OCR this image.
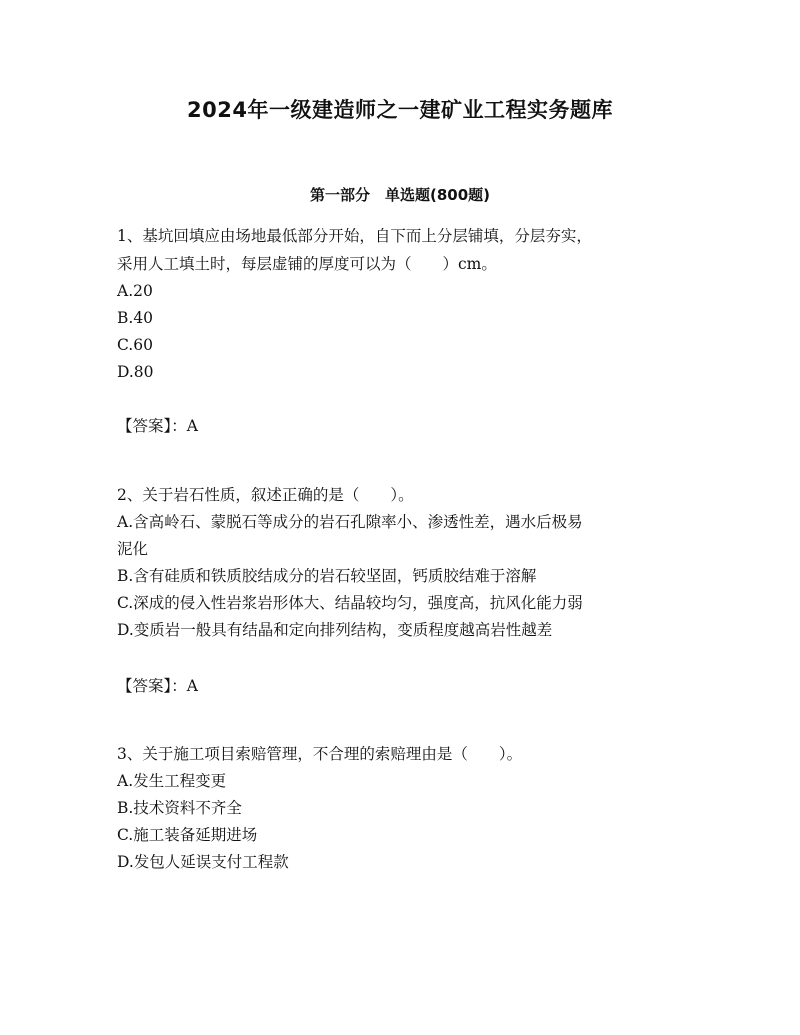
2024年一级建造师之一建矿业工程实务题库
第一部分　单选题(800题)
1、基坑回填应由场地最低部分开始，自下而上分层铺填，分层夯实，
采用人工填土时，每层虚铺的厚度可以为（　　）cm。
A.20
B.40
C.60
D.80
【答案】：A
2、关于岩石性质，叙述正确的是（　　）。
A.含高岭石、蒙脱石等成分的岩石孔隙率小、渗透性差，遇水后极易
泥化
B.含有硅质和铁质胶结成分的岩石较坚固，钙质胶结难于溶解
C.深成的侵入性岩浆岩形体大、结晶较均匀，强度高，抗风化能力弱
D.变质岩一般具有结晶和定向排列结构，变质程度越高岩性越差
【答案】：A
3、关于施工项目索赔管理，不合理的索赔理由是（　　）。
A.发生工程变更
B.技术资料不齐全
C.施工装备延期进场
D.发包人延误支付工程款
